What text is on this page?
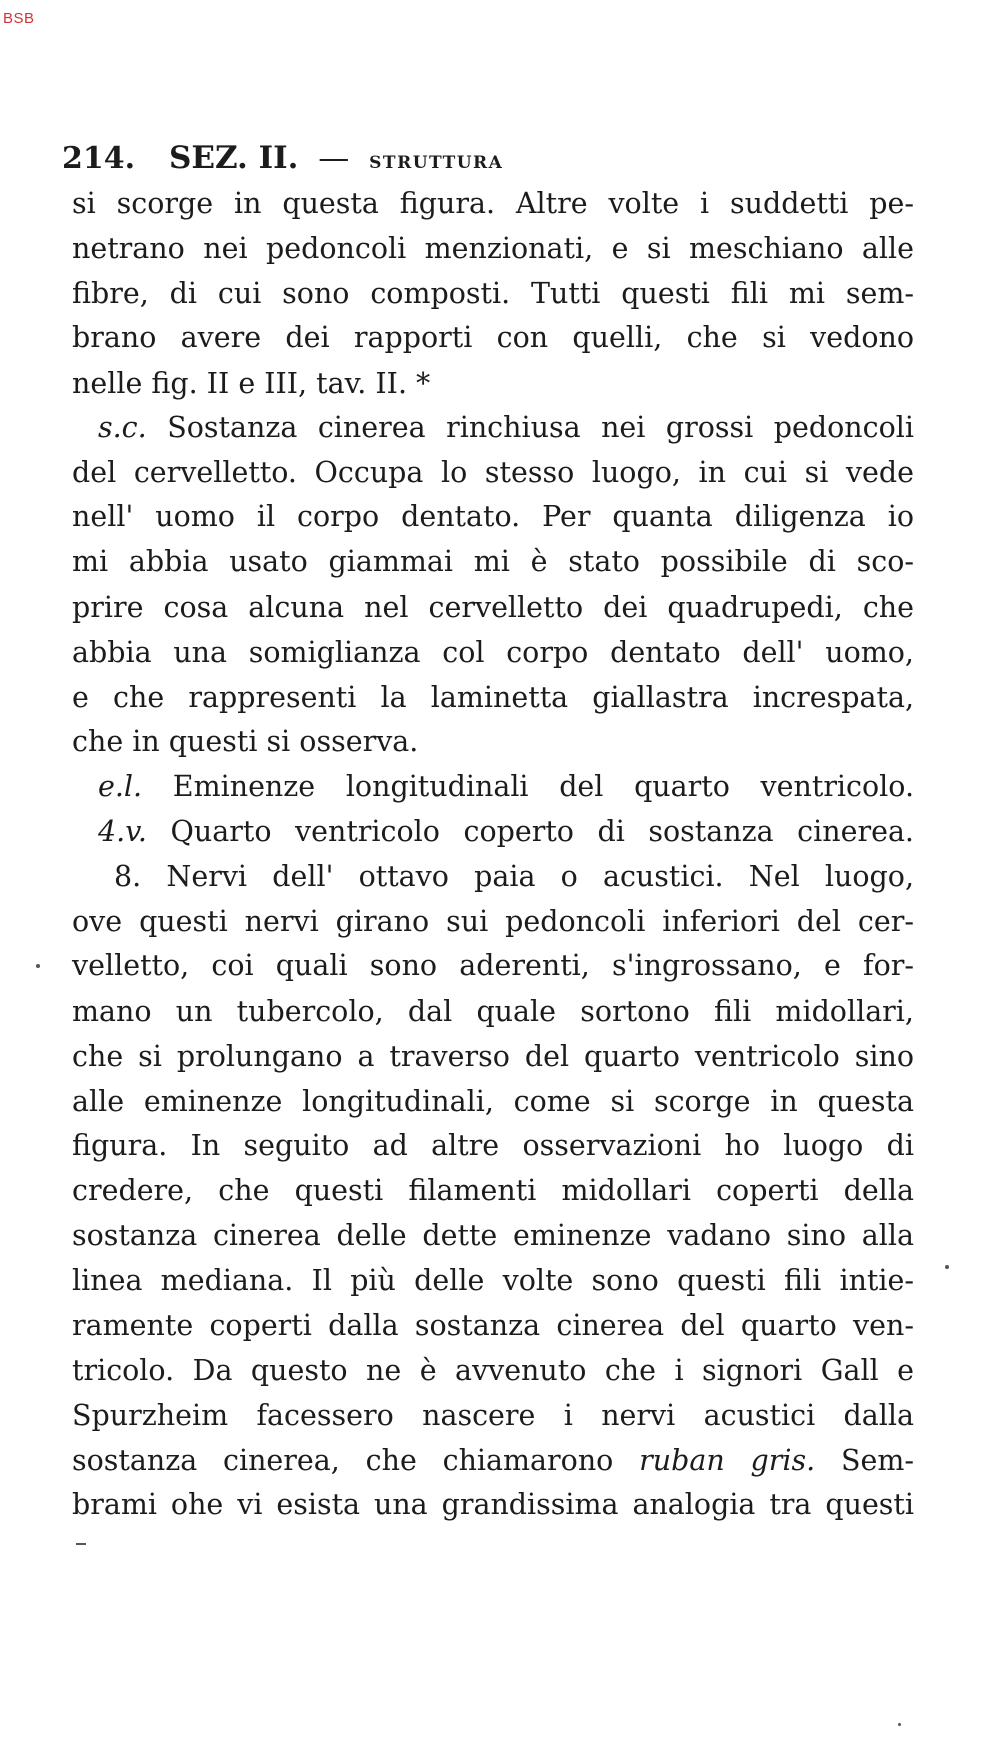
BSB
214. SEZ. II. — STRUTTURA
si scorge in questa figura. Altre volte i suddetti pe-
netrano nei pedoncoli menzionati, e si meschiano alle
fibre, di cui sono composti. Tutti questi fili mi sem-
brano avere dei rapporti con quelli, che si vedono
nelle fig. II e III, tav. II. *
s.c. Sostanza cinerea rinchiusa nei grossi pedoncoli
del cervelletto. Occupa lo stesso luogo, in cui si vede
nell' uomo il corpo dentato. Per quanta diligenza io
mi abbia usato giammai mi è stato possibile di sco-
prire cosa alcuna nel cervelletto dei quadrupedi, che
abbia una somiglianza col corpo dentato dell' uomo,
e che rappresenti la laminetta giallastra increspata,
che in questi si osserva.
e.l. Eminenze longitudinali del quarto ventricolo.
4.v. Quarto ventricolo coperto di sostanza cinerea.
8. Nervi dell' ottavo paia o acustici. Nel luogo,
ove questi nervi girano sui pedoncoli inferiori del cer-
velletto, coi quali sono aderenti, s'ingrossano, e for-
mano un tubercolo, dal quale sortono fili midollari,
che si prolungano a traverso del quarto ventricolo sino
alle eminenze longitudinali, come si scorge in questa
figura. In seguito ad altre osservazioni ho luogo di
credere, che questi filamenti midollari coperti della
sostanza cinerea delle dette eminenze vadano sino alla
linea mediana. Il più delle volte sono questi fili intie-
ramente coperti dalla sostanza cinerea del quarto ven-
tricolo. Da questo ne è avvenuto che i signori Gall e
Spurzheim facessero nascere i nervi acustici dalla
sostanza cinerea, che chiamarono ruban gris. Sem-
brami ohe vi esista una grandissima analogia tra questi
